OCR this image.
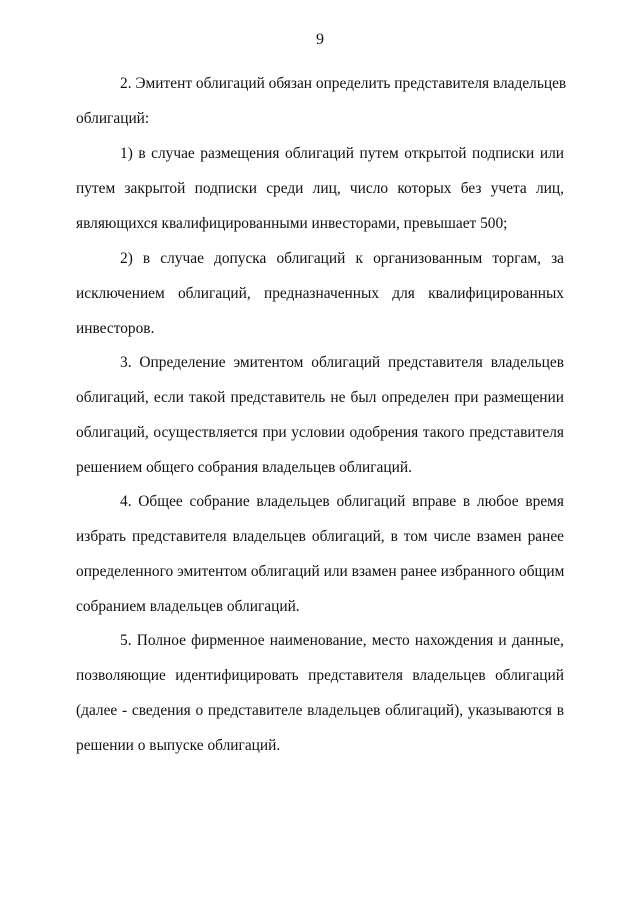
9
2. Эмитент облигаций обязан определить представителя владельцев
облигаций:
1) в случае размещения облигаций путем открытой подписки или
путем закрытой подписки среди лиц, число которых без учета лиц,
являющихся квалифицированными инвесторами, превышает 500;
2) в случае допуска облигаций к организованным торгам, за
исключением облигаций, предназначенных для квалифицированных
инвесторов.
3. Определение эмитентом облигаций представителя владельцев
облигаций, если такой представитель не был определен при размещении
облигаций, осуществляется при условии одобрения такого представителя
решением общего собрания владельцев облигаций.
4. Общее собрание владельцев облигаций вправе в любое время
избрать представителя владельцев облигаций, в том числе взамен ранее
определенного эмитентом облигаций или взамен ранее избранного общим
собранием владельцев облигаций.
5. Полное фирменное наименование, место нахождения и данные,
позволяющие идентифицировать представителя владельцев облигаций
(далее - сведения о представителе владельцев облигаций), указываются в
решении о выпуске облигаций.
